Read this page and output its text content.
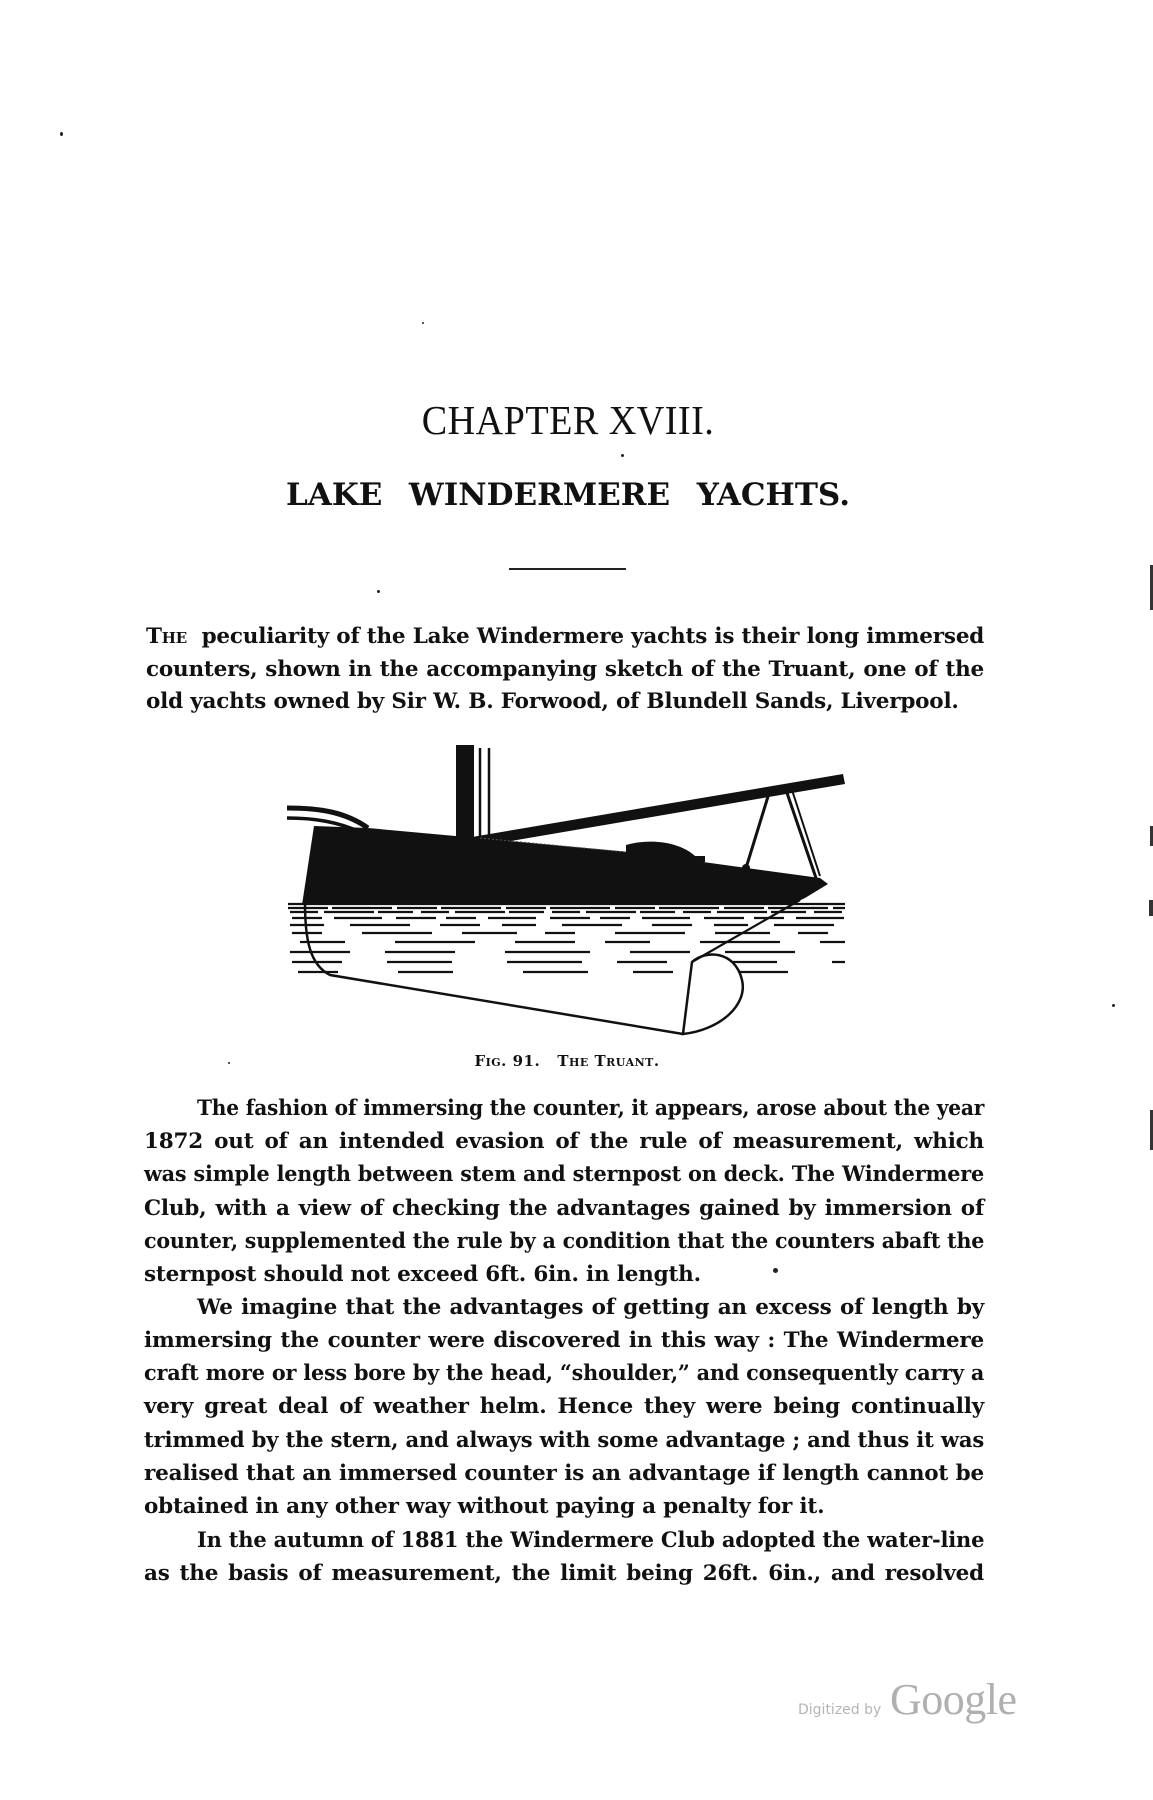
CHAPTER XVIII.
LAKE WINDERMERE YACHTS.
The peculiarity of the Lake Windermere yachts is their long immersed
counters, shown in the accompanying sketch of the Truant, one of the
old yachts owned by Sir W. B. Forwood, of Blundell Sands, Liverpool.
Fig. 91. The Truant.
The fashion of immersing the counter, it appears, arose about the year
1872 out of an intended evasion of the rule of measurement, which
was simple length between stem and sternpost on deck. The Windermere
Club, with a view of checking the advantages gained by immersion of
counter, supplemented the rule by a condition that the counters abaft the
sternpost should not exceed 6ft. 6in. in length.
We imagine that the advantages of getting an excess of length by
immersing the counter were discovered in this way : The Windermere
craft more or less bore by the head, “shoulder,” and consequently carry a
very great deal of weather helm. Hence they were being continually
trimmed by the stern, and always with some advantage ; and thus it was
realised that an immersed counter is an advantage if length cannot be
obtained in any other way without paying a penalty for it.
In the autumn of 1881 the Windermere Club adopted the water-line
as the basis of measurement, the limit being 26ft. 6in., and resolved
Digitized by Google
